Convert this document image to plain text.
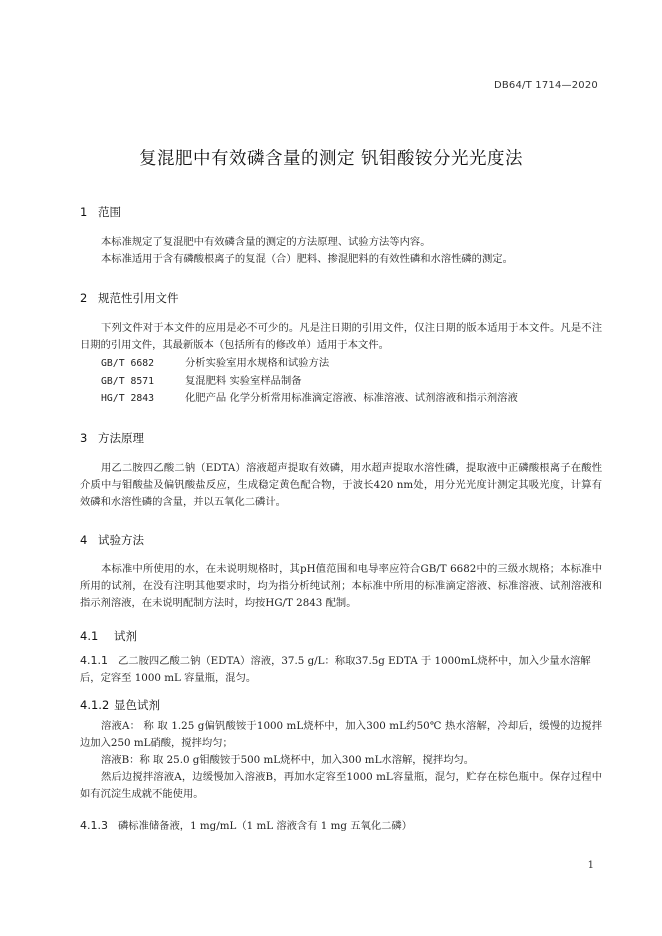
DB64/T 1714—2020
复混肥中有效磷含量的测定 钒钼酸铵分光光度法
1 范围

本标准规定了复混肥中有效磷含量的测定的方法原理、试验方法等内容。

本标准适用于含有磷酸根离子的复混（合）肥料、掺混肥料的有效性磷和水溶性磷的测定。

2 规范性引用文件

下列文件对于本文件的应用是必不可少的。凡是注日期的引用文件，仅注日期的版本适用于本文件。凡是不注日期的引用文件，其最新版本（包括所有的修改单）适用于本文件。

GB/T 6682	分析实验室用水规格和试验方法
GB/T 8571	复混肥料 实验室样品制备
HG/T 2843	化肥产品 化学分析常用标准滴定溶液、标准溶液、试剂溶液和指示剂溶液
3 方法原理

用乙二胺四乙酸二钠（EDTA）溶液超声提取有效磷，用水超声提取水溶性磷，提取液中正磷酸根离子在酸性介质中与钼酸盐及偏钒酸盐反应，生成稳定黄色配合物，于波长420 nm处，用分光光度计测定其吸光度，计算有效磷和水溶性磷的含量，并以五氧化二磷计。

4 试验方法

本标准中所使用的水，在未说明规格时，其pH值范围和电导率应符合GB/T 6682中的三级水规格；本标准中所用的试剂，在没有注明其他要求时，均为指分析纯试剂；本标准中所用的标准滴定溶液、标准溶液、试剂溶液和指示剂溶液，在未说明配制方法时，均按HG/T 2843 配制。

4.1 试剂
4.1.1 乙二胺四乙酸二钠（EDTA）溶液，37.5 g/L：称取37.5g EDTA 于 1000mL烧杯中，加入少量水溶解后，定容至 1000 mL 容量瓶，混匀。
4.1.2 显色试剂

溶液A： 称 取 1.25 g偏钒酸铵于1000 mL烧杯中，加入300 mL约50℃ 热水溶解，冷却后，缓慢的边搅拌边加入250 mL硝酸，搅拌均匀；

溶液B：称 取 25.0 g钼酸铵于500 mL烧杯中，加入300 mL水溶解，搅拌均匀。

然后边搅拌溶液A，边缓慢加入溶液B，再加水定容至1000 mL容量瓶，混匀，贮存在棕色瓶中。保存过程中如有沉淀生成就不能使用。

4.1.3 磷标准储备液，1 mg/mL（1 mL 溶液含有 1 mg 五氧化二磷）
1
